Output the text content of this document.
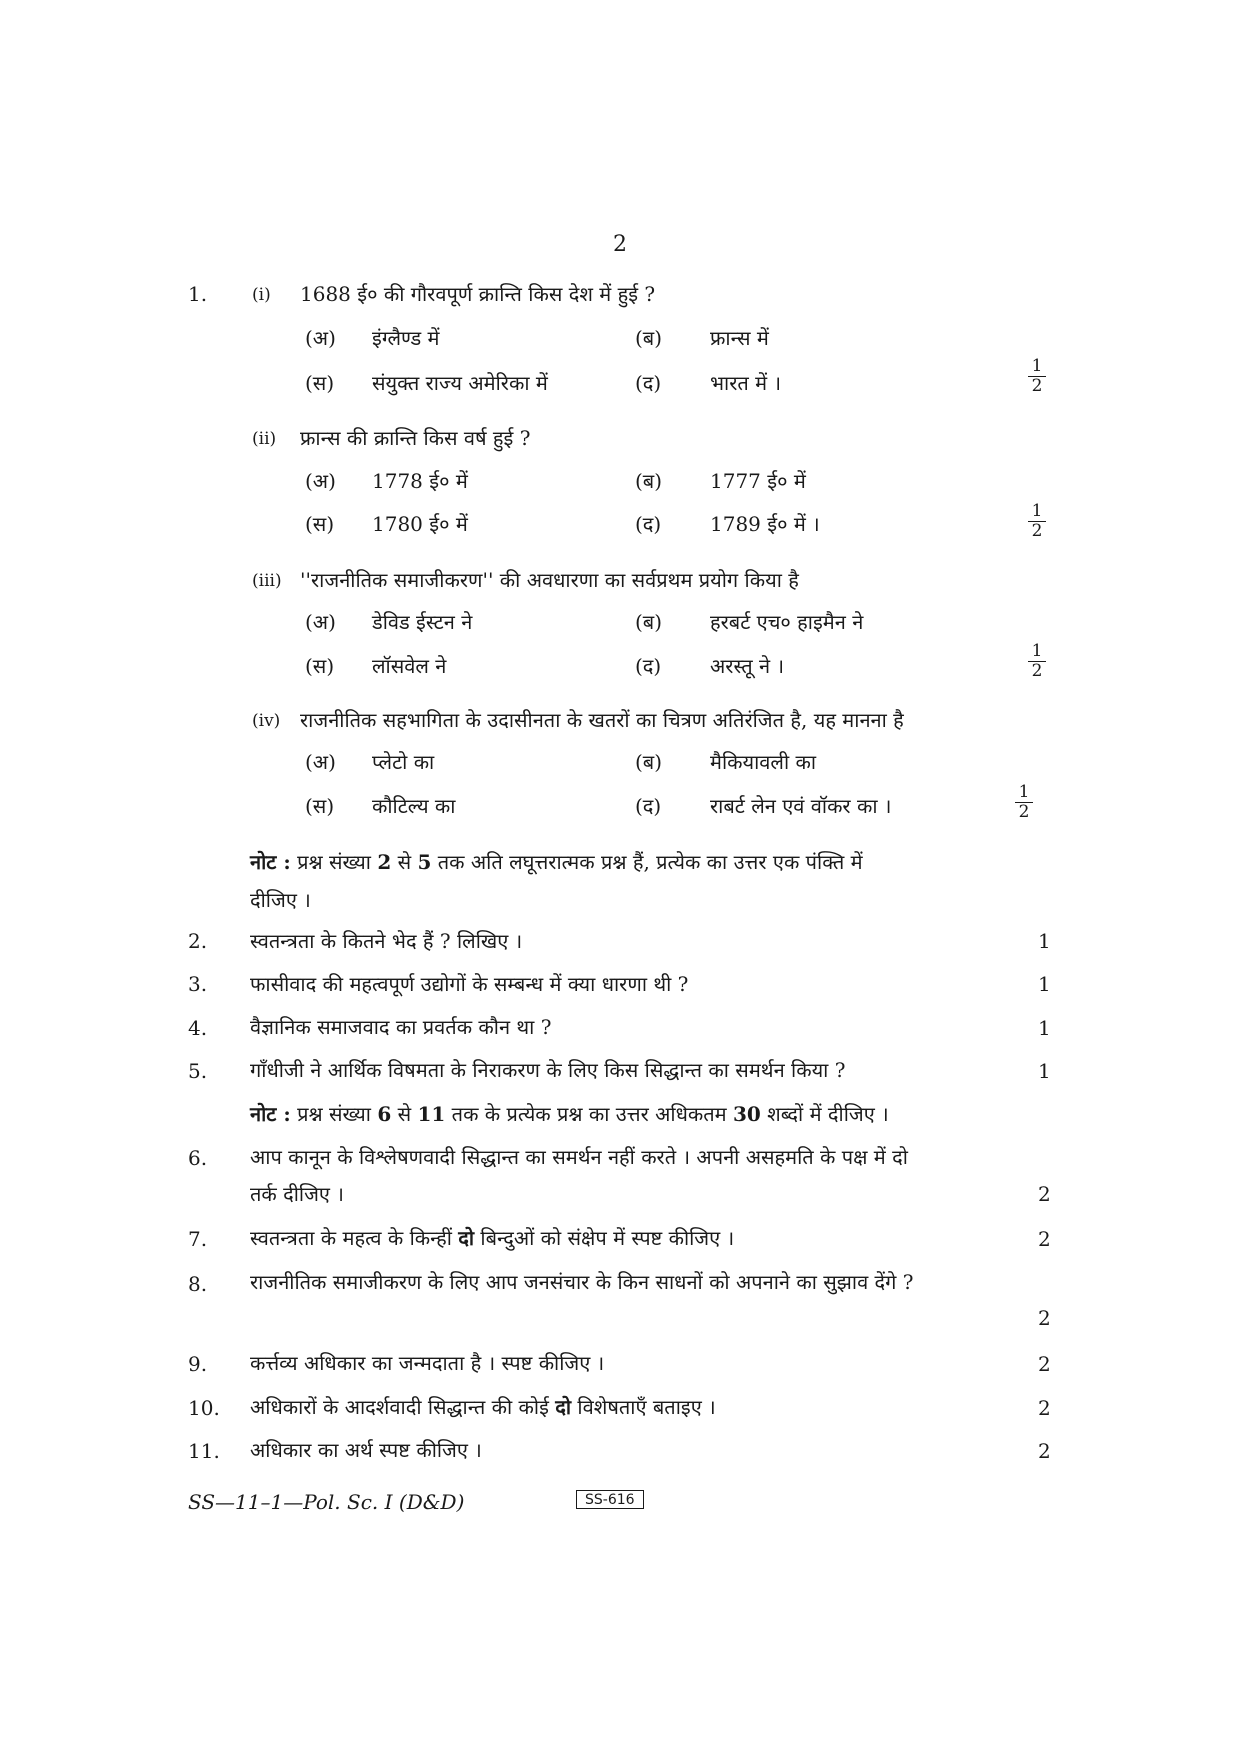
2
1.	(i) 1688 ई० की गौरवपूर्ण क्रान्ति किस देश में हुई ?
(अ) इंग्लैण्ड में	(ब) फ्रान्स में
(स) संयुक्त राज्य अमेरिका में	(द) भारत में ।	$\frac{1}{2}$
(ii) फ्रान्स की क्रान्ति किस वर्ष हुई ?
(अ) 1778 ई० में	(ब) 1777 ई० में
(स) 1780 ई० में	(द) 1789 ई० में ।	$\frac{1}{2}$
(iii) ''राजनीतिक समाजीकरण'' की अवधारणा का सर्वप्रथम प्रयोग किया है
(अ) डेविड ईस्टन ने	(ब) हरबर्ट एच० हाइमैन ने
(स) लॉसवेल ने	(द) अरस्तू ने ।	$\frac{1}{2}$
(iv) राजनीतिक सहभागिता के उदासीनता के खतरों का चित्रण अतिरंजित है, यह मानना है
(अ) प्लेटो का	(ब) मैकियावली का
(स) कौटिल्य का	(द) राबर्ट लेन एवं वॉकर का ।	$\frac{1}{2}$
नोट : प्रश्न संख्या 2 से 5 तक अति लघूत्तरात्मक प्रश्न हैं, प्रत्येक का उत्तर एक पंक्ति में
दीजिए ।
2. स्वतन्त्रता के कितने भेद हैं ? लिखिए ।	1
3. फासीवाद की महत्वपूर्ण उद्योगों के सम्बन्ध में क्या धारणा थी ?	1
4. वैज्ञानिक समाजवाद का प्रवर्तक कौन था ?	1
5. गाँधीजी ने आर्थिक विषमता के निराकरण के लिए किस सिद्धान्त का समर्थन किया ?	1
नोट : प्रश्न संख्या 6 से 11 तक के प्रत्येक प्रश्न का उत्तर अधिकतम 30 शब्दों में दीजिए ।
6. आप कानून के विश्लेषणवादी सिद्धान्त का समर्थन नहीं करते । अपनी असहमति के पक्ष में दो
तर्क दीजिए ।	2
7. स्वतन्त्रता के महत्व के किन्हीं दो बिन्दुओं को संक्षेप में स्पष्ट कीजिए ।	2
8. राजनीतिक समाजीकरण के लिए आप जनसंचार के किन साधनों को अपनाने का सुझाव देंगे ?
2
9. कर्त्तव्य अधिकार का जन्मदाता है । स्पष्ट कीजिए ।	2
10. अधिकारों के आदर्शवादी सिद्धान्त की कोई दो विशेषताएँ बताइए ।	2
11. अधिकार का अर्थ स्पष्ट कीजिए ।	2
SS—11–1—Pol. Sc. I (D&D)	SS-616
